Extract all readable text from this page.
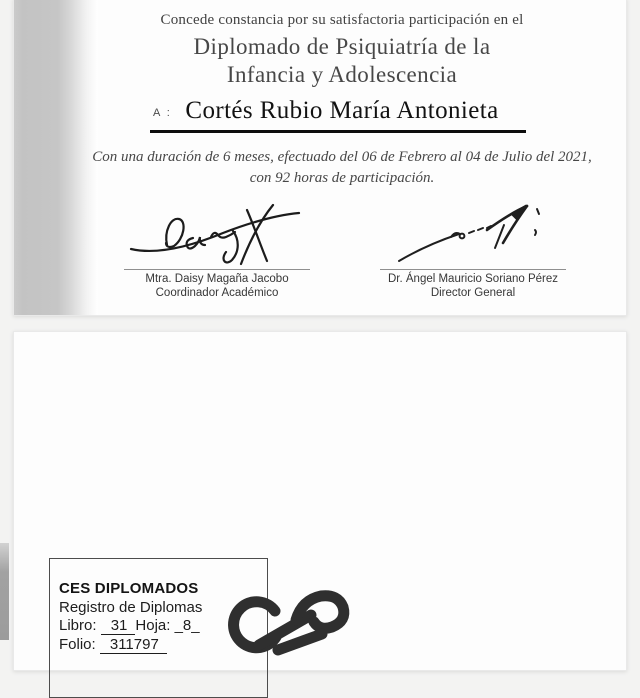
Concede constancia por su satisfactoria participación en el
Diplomado de Psiquiatría de la
Infancia y Adolescencia
Con una duración de 6 meses, efectuado del 06 de Febrero al 04 de Julio del 2021,
con 92 horas de participación.
A : Cortés Rubio María Antonieta
Mtra. Daisy Magaña Jacobo
Coordinador Académico
Dr. Ángel Mauricio Soriano Pérez
Director General
CES DIPLOMADOS
Registro de Diplomas
Libro: 31 Hoja: _8_
Folio: 311797
